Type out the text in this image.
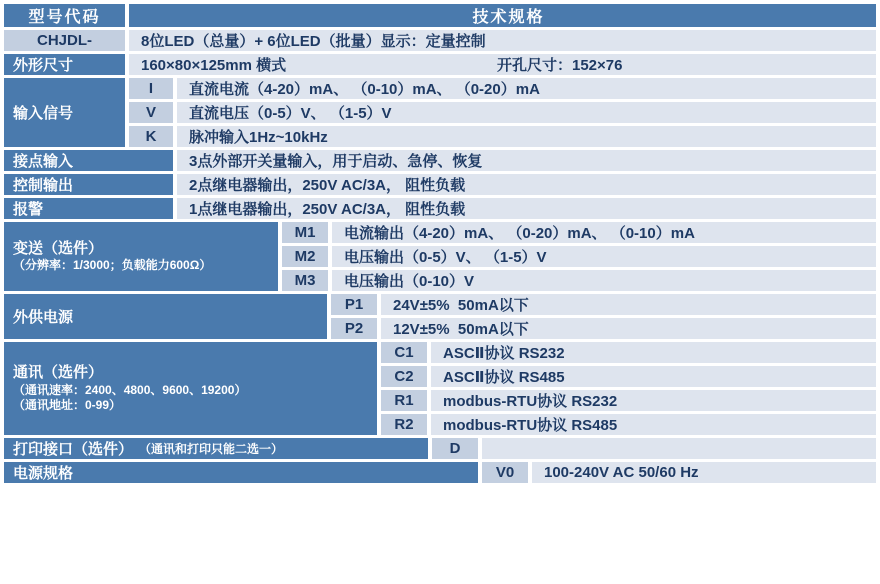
型号代码	技术规格
CHJDL-	8位LED（总量）+ 6位LED（批量）显示：定量控制
外形尺寸	160×80×125mm 横式	开孔尺寸：152×76
输入信号
I	直流电流（4-20）mA、 （0-10）mA、 （0-20）mA
V	直流电压（0-5）V、 （1-5）V
K	脉冲输入1Hz~10kHz
接点输入	3点外部开关量输入，用于启动、急停、恢复
控制输出	2点继电器输出，250V AC/3A， 阻性负载
报警	1点继电器输出，250V AC/3A， 阻性负载
变送（选件）
（分辨率：1/3000；负载能力600Ω）
M1	电流输出（4-20）mA、 （0-20）mA、 （0-10）mA
M2	电压输出（0-5）V、 （1-5）V
M3	电压输出（0-10）V
外供电源
P1	24V±5%  50mA以下
P2	12V±5%  50mA以下
通讯（选件）
（通讯速率：2400、4800、9600、19200）
（通讯地址：0-99）
C1	ASCⅡ协议 RS232
C2	ASCⅡ协议 RS485
R1	modbus-RTU协议 RS232
R2	modbus-RTU协议 RS485
打印接口（选件） （通讯和打印只能二选一）	D
电源规格	V0	100-240V AC 50/60 Hz
